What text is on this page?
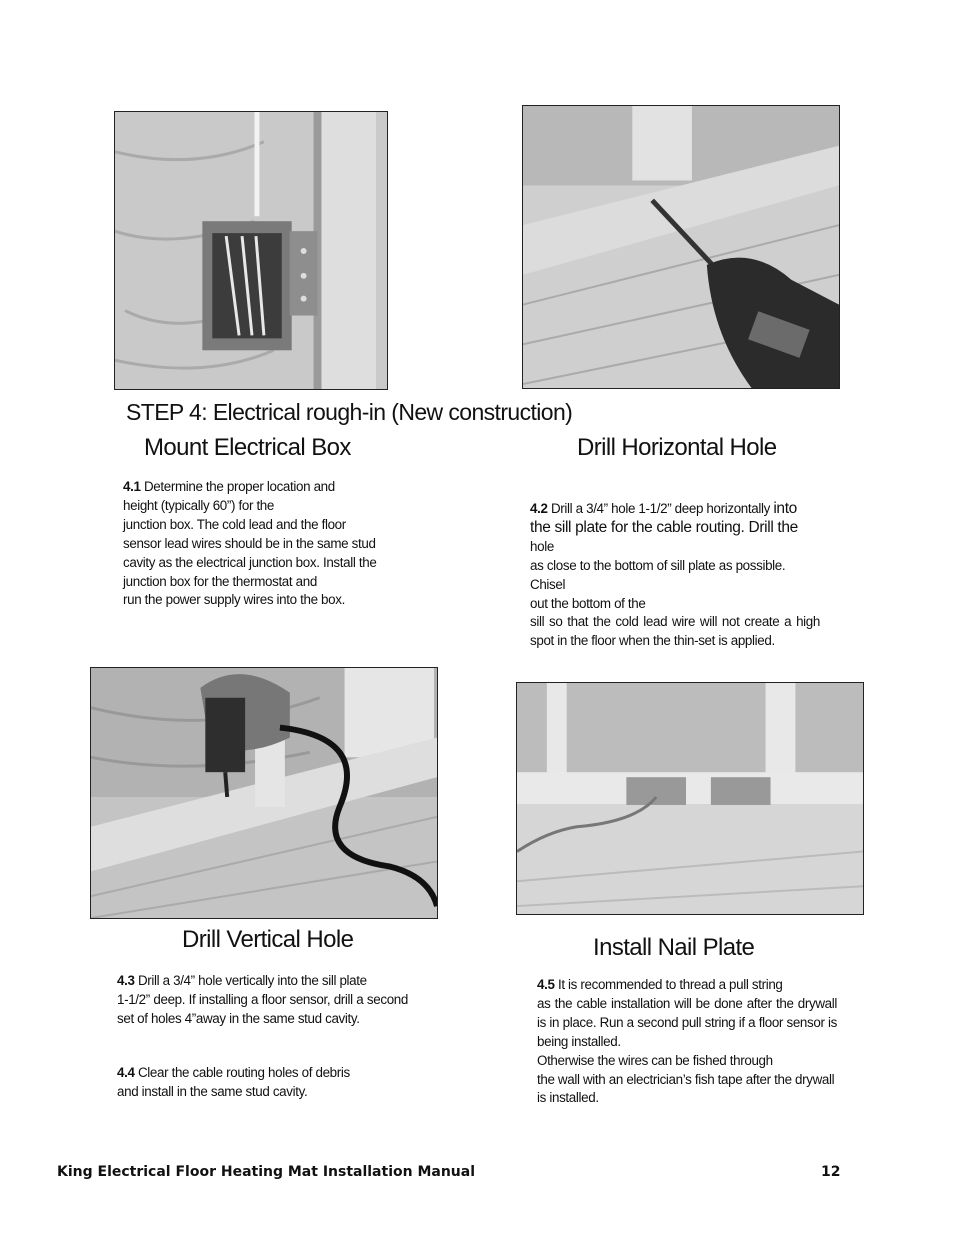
STEP 4: Electrical rough-in (New construction)
Mount Electrical Box	Drill Horizontal Hole
4.1 Determine the proper location and
height (typically 60”) for the
junction box. The cold lead and the floor
sensor lead wires should be in the same stud
cavity as the electrical junction box. Install the
junction box for the thermostat and
run the power supply wires into the box.
4.2 Drill a 3/4” hole 1-1/2” deep horizontally into
the sill plate for the cable routing. Drill the hole
as close to the bottom of sill plate as possible. Chisel
out the bottom of the
sill so that the cold lead wire will not create a high spot in the floor when the thin-set is applied.
Drill Vertical Hole	Install Nail Plate
4.3 Drill a 3/4” hole vertically into the sill plate
1-1/2” deep. If installing a floor sensor, drill a second set of holes 4”away in the same stud cavity.
4.4 Clear the cable routing holes of debris
and install in the same stud cavity.
4.5 It is recommended to thread a pull string
as the cable installation will be done after the drywall is in place. Run a second pull string if a floor sensor is being installed.
Otherwise the wires can be fished through
the wall with an electrician’s fish tape after the drywall is installed.
King Electrical Floor Heating Mat Installation Manual	12
